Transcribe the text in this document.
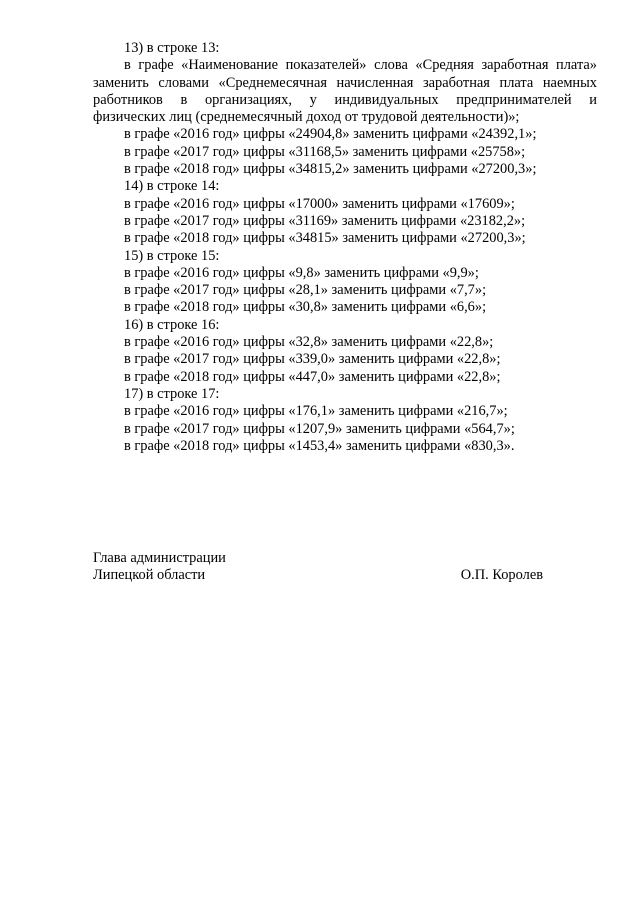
13) в строке 13:

в графе «Наименование показателей» слова «Средняя заработная плата»

заменить словами «Среднемесячная начисленная заработная плата наемных

работников в организациях, у индивидуальных предпринимателей и

физических лиц (среднемесячный доход от трудовой деятельности)»;

в графе «2016 год» цифры «24904,8» заменить цифрами «24392,1»;

в графе «2017 год» цифры «31168,5» заменить цифрами «25758»;

в графе «2018 год» цифры «34815,2» заменить цифрами «27200,3»;

14) в строке 14:

в графе «2016 год» цифры «17000» заменить цифрами «17609»;

в графе «2017 год» цифры «31169» заменить цифрами «23182,2»;

в графе «2018 год» цифры «34815» заменить цифрами «27200,3»;

15) в строке 15:

в графе «2016 год» цифры «9,8» заменить цифрами «9,9»;

в графе «2017 год» цифры «28,1» заменить цифрами «7,7»;

в графе «2018 год» цифры «30,8» заменить цифрами «6,6»;

16) в строке 16:

в графе «2016 год» цифры «32,8» заменить цифрами «22,8»;

в графе «2017 год» цифры «339,0» заменить цифрами «22,8»;

в графе «2018 год» цифры «447,0» заменить цифрами «22,8»;

17) в строке 17:

в графе «2016 год» цифры «176,1» заменить цифрами «216,7»;

в графе «2017 год» цифры «1207,9» заменить цифрами «564,7»;

в графе «2018 год» цифры «1453,4» заменить цифрами «830,3».

Глава администрации
Липецкой области	О.П. Королев
